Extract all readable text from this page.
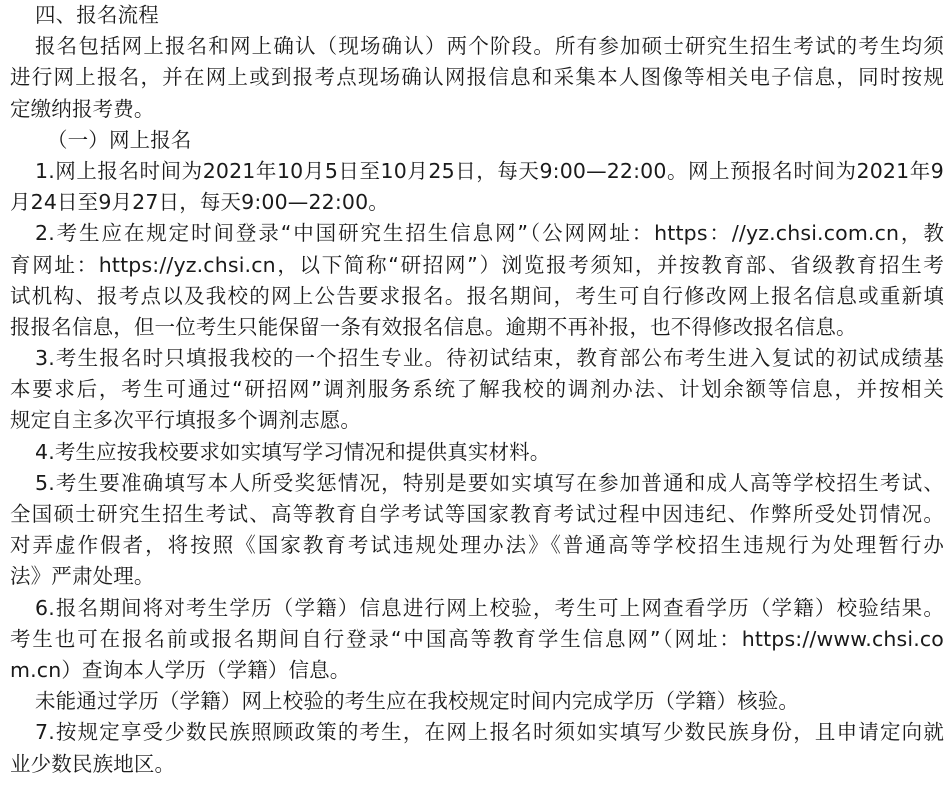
四、报名流程
报名包括网上报名和网上确认（现场确认）两个阶段。所有参加硕士研究生招生考试的考生均须
进行网上报名，并在网上或到报考点现场确认网报信息和采集本人图像等相关电子信息，同时按规
定缴纳报考费。
（一）网上报名
1.网上报名时间为2021年10月5日至10月25日，每天9:00—22:00。网上预报名时间为2021年9
月24日至9月27日，每天9:00—22:00。
2.考生应在规定时间登录“中国研究生招生信息网”（公网网址：https：//yz.chsi.com.cn，教
育网址：https://yz.chsi.cn，以下简称“研招网”）浏览报考须知，并按教育部、省级教育招生考
试机构、报考点以及我校的网上公告要求报名。报名期间，考生可自行修改网上报名信息或重新填
报报名信息，但一位考生只能保留一条有效报名信息。逾期不再补报，也不得修改报名信息。
3.考生报名时只填报我校的一个招生专业。待初试结束，教育部公布考生进入复试的初试成绩基
本要求后，考生可通过“研招网”调剂服务系统了解我校的调剂办法、计划余额等信息，并按相关
规定自主多次平行填报多个调剂志愿。
4.考生应按我校要求如实填写学习情况和提供真实材料。
5.考生要准确填写本人所受奖惩情况，特别是要如实填写在参加普通和成人高等学校招生考试、
全国硕士研究生招生考试、高等教育自学考试等国家教育考试过程中因违纪、作弊所受处罚情况。
对弄虚作假者，将按照《国家教育考试违规处理办法》《普通高等学校招生违规行为处理暂行办
法》严肃处理。
6.报名期间将对考生学历（学籍）信息进行网上校验，考生可上网查看学历（学籍）校验结果。
考生也可在报名前或报名期间自行登录“中国高等教育学生信息网”（网址：https://www.chsi.co
m.cn）查询本人学历（学籍）信息。
未能通过学历（学籍）网上校验的考生应在我校规定时间内完成学历（学籍）核验。
7.按规定享受少数民族照顾政策的考生，在网上报名时须如实填写少数民族身份，且申请定向就
业少数民族地区。
